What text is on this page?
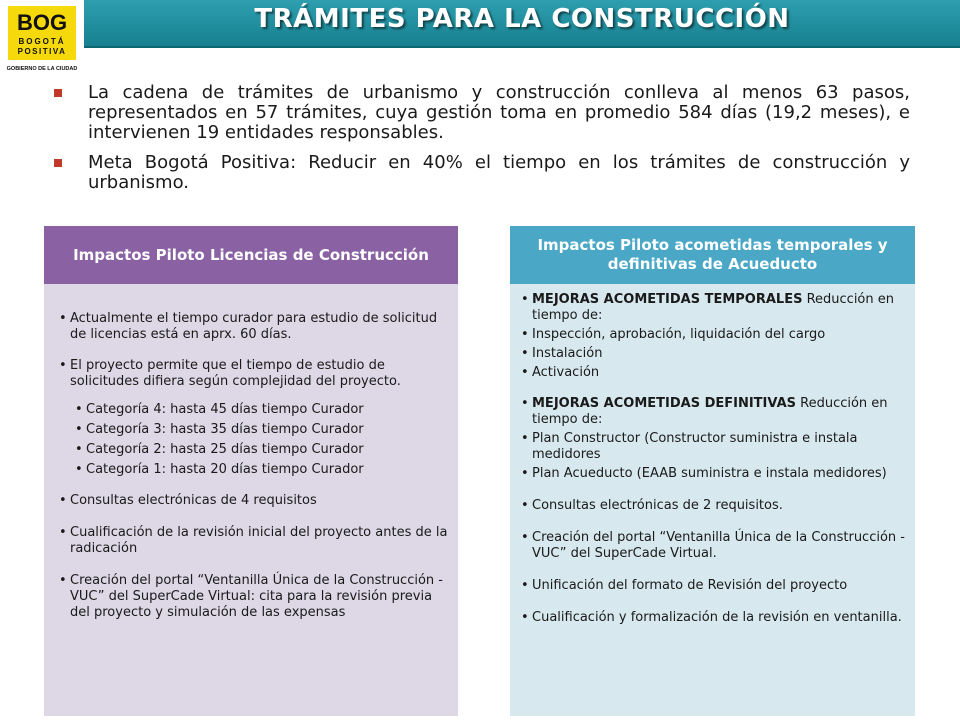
BOG
BOGOTÁ
POSITIVA
GOBIERNO DE LA CIUDAD
TRÁMITES PARA LA CONSTRUCCIÓN
La cadena de trámites de urbanismo y construcción conlleva al menos 63 pasos, representados en 57 trámites, cuya gestión toma en promedio 584 días (19,2 meses), e intervienen 19 entidades responsables.
Meta Bogotá Positiva: Reducir en 40% el tiempo en los trámites de construcción y urbanismo.
Impactos Piloto Licencias de Construcción
• Actualmente el tiempo curador para estudio de solicitud de licencias está en aprx. 60 días.
• El proyecto permite que el tiempo de estudio de solicitudes difiera según complejidad del proyecto.
• Categoría 4: hasta 45 días tiempo Curador
• Categoría 3: hasta 35 días tiempo Curador
• Categoría 2: hasta 25 días tiempo Curador
• Categoría 1: hasta 20 días tiempo Curador
• Consultas electrónicas de 4 requisitos
• Cualificación de la revisión inicial del proyecto antes de la radicación
• Creación del portal “Ventanilla Única de la Construcción -VUC” del SuperCade Virtual: cita para la revisión previa del proyecto y simulación de las expensas
Impactos Piloto acometidas temporales y definitivas de Acueducto
• MEJORAS ACOMETIDAS TEMPORALES Reducción en tiempo de:
• Inspección, aprobación, liquidación del cargo
• Instalación
• Activación
• MEJORAS ACOMETIDAS DEFINITIVAS Reducción en tiempo de:
• Plan Constructor (Constructor suministra e instala medidores
• Plan Acueducto (EAAB suministra e instala medidores)
• Consultas electrónicas de 2 requisitos.
• Creación del portal “Ventanilla Única de la Construcción -VUC” del SuperCade Virtual.
• Unificación del formato de Revisión del proyecto
• Cualificación y formalización de la revisión en ventanilla.
